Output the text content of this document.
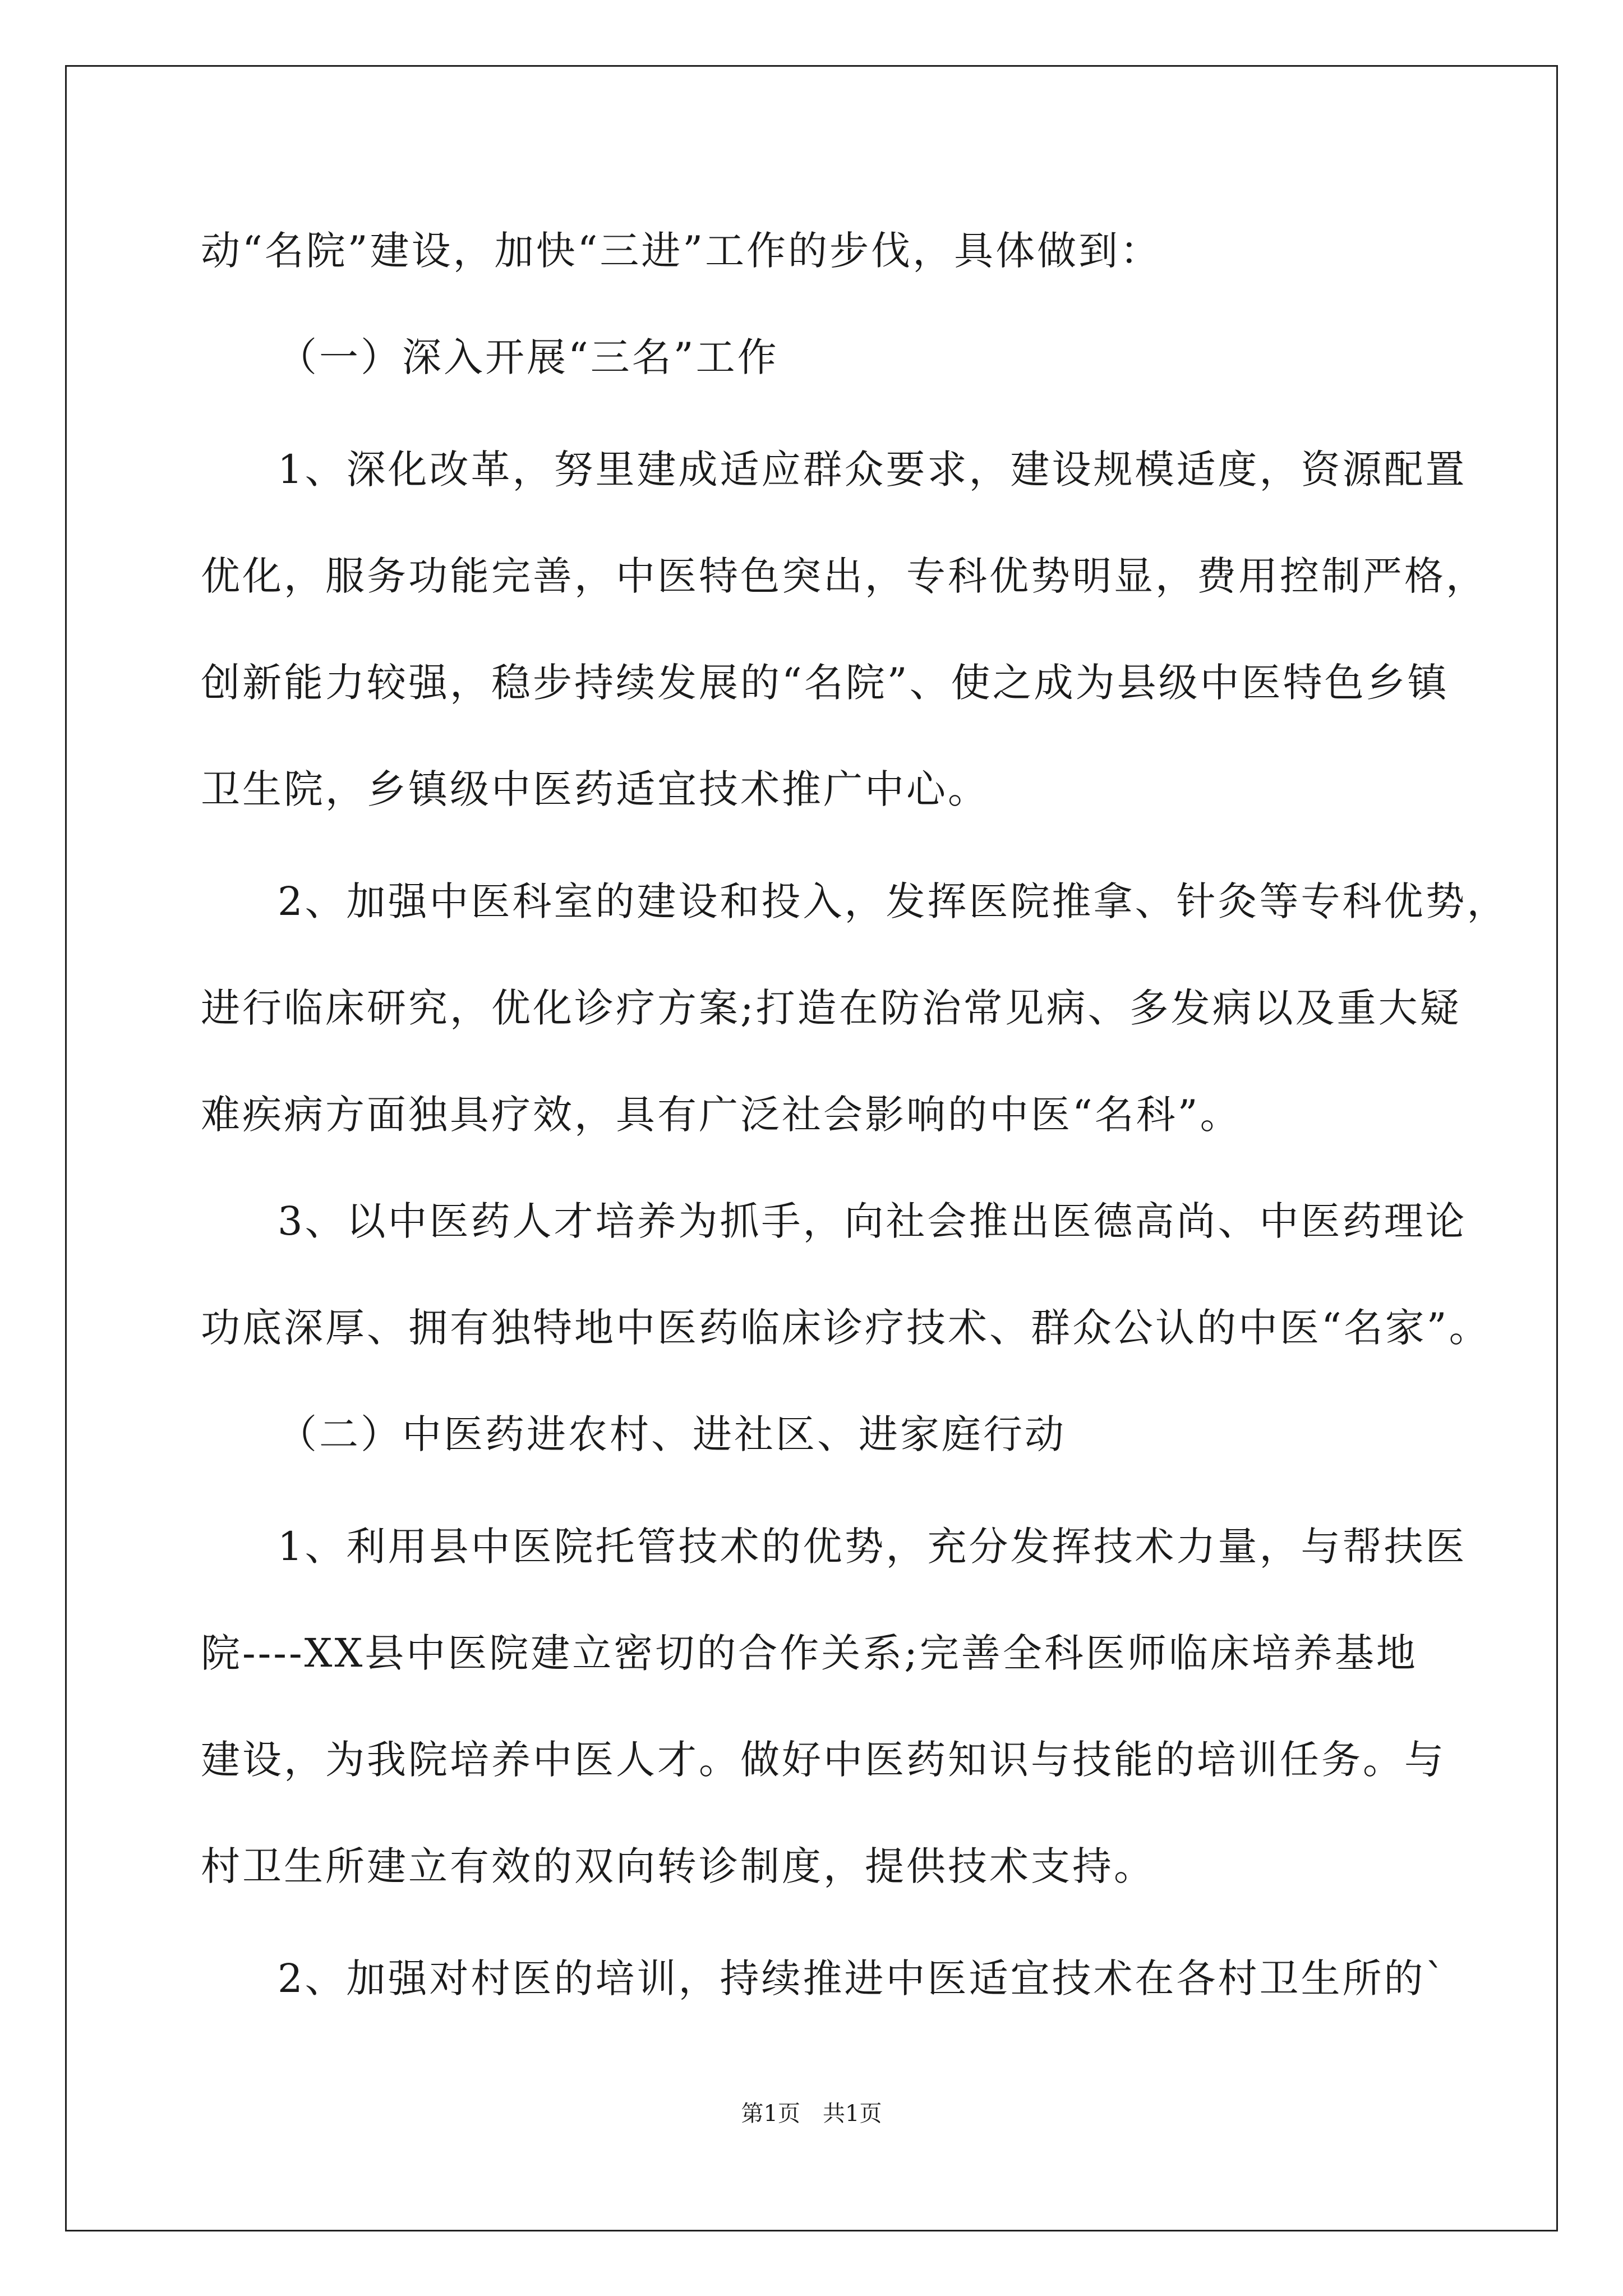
动“名院”建设，加快“三进”工作的步伐，具体做到：
（一）深入开展“三名”工作
1、深化改革，努里建成适应群众要求，建设规模适度，资源配置
优化，服务功能完善，中医特色突出，专科优势明显，费用控制严格，
创新能力较强，稳步持续发展的“名院”、使之成为县级中医特色乡镇
卫生院，乡镇级中医药适宜技术推广中心。
2、加强中医科室的建设和投入，发挥医院推拿、针灸等专科优势，
进行临床研究，优化诊疗方案;打造在防治常见病、多发病以及重大疑
难疾病方面独具疗效，具有广泛社会影响的中医“名科”。
3、以中医药人才培养为抓手，向社会推出医德高尚、中医药理论
功底深厚、拥有独特地中医药临床诊疗技术、群众公认的中医“名家”。
（二）中医药进农村、进社区、进家庭行动
1、利用县中医院托管技术的优势，充分发挥技术力量，与帮扶医
院----XX县中医院建立密切的合作关系;完善全科医师临床培养基地
建设，为我院培养中医人才。做好中医药知识与技能的培训任务。与
村卫生所建立有效的双向转诊制度，提供技术支持。
2、加强对村医的培训，持续推进中医适宜技术在各村卫生所的`
第1页　共1页
